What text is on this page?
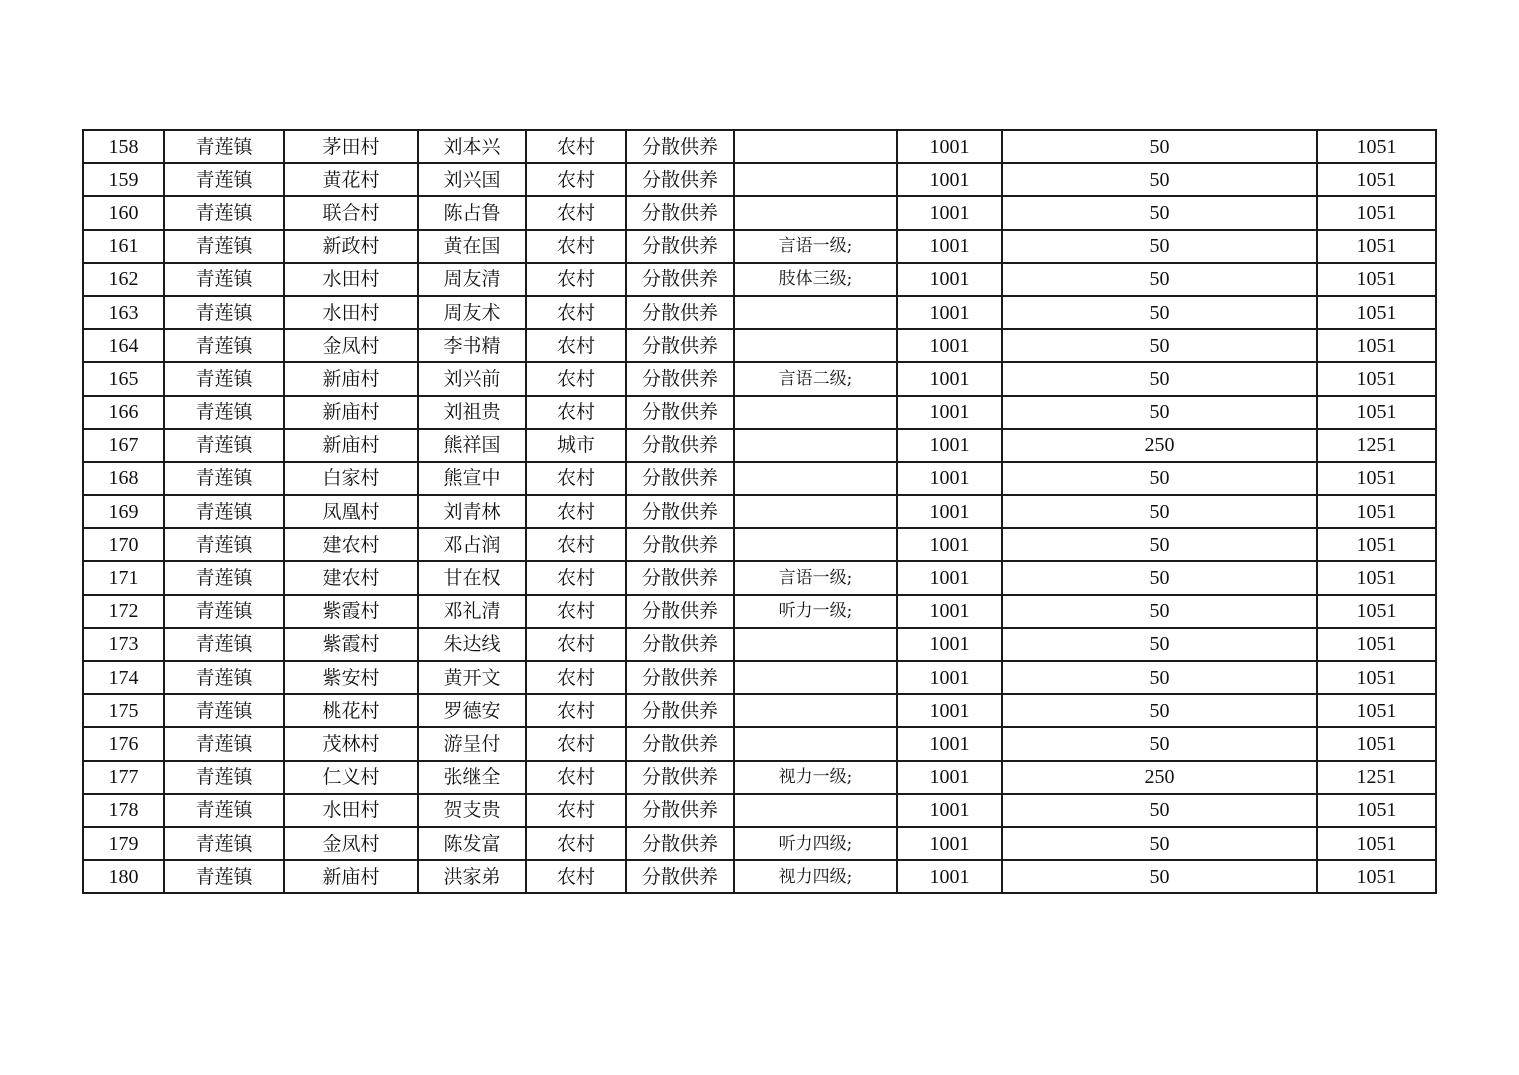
158	青莲镇	茅田村	刘本兴	农村	分散供养		1001	50	1051
159	青莲镇	黄花村	刘兴国	农村	分散供养		1001	50	1051
160	青莲镇	联合村	陈占鲁	农村	分散供养		1001	50	1051
161	青莲镇	新政村	黄在国	农村	分散供养	言语一级;	1001	50	1051
162	青莲镇	水田村	周友清	农村	分散供养	肢体三级;	1001	50	1051
163	青莲镇	水田村	周友术	农村	分散供养		1001	50	1051
164	青莲镇	金凤村	李书精	农村	分散供养		1001	50	1051
165	青莲镇	新庙村	刘兴前	农村	分散供养	言语二级;	1001	50	1051
166	青莲镇	新庙村	刘祖贵	农村	分散供养		1001	50	1051
167	青莲镇	新庙村	熊祥国	城市	分散供养		1001	250	1251
168	青莲镇	白家村	熊宣中	农村	分散供养		1001	50	1051
169	青莲镇	凤凰村	刘青林	农村	分散供养		1001	50	1051
170	青莲镇	建农村	邓占润	农村	分散供养		1001	50	1051
171	青莲镇	建农村	甘在权	农村	分散供养	言语一级;	1001	50	1051
172	青莲镇	紫霞村	邓礼清	农村	分散供养	听力一级;	1001	50	1051
173	青莲镇	紫霞村	朱达线	农村	分散供养		1001	50	1051
174	青莲镇	紫安村	黄开文	农村	分散供养		1001	50	1051
175	青莲镇	桃花村	罗德安	农村	分散供养		1001	50	1051
176	青莲镇	茂林村	游呈付	农村	分散供养		1001	50	1051
177	青莲镇	仁义村	张继全	农村	分散供养	视力一级;	1001	250	1251
178	青莲镇	水田村	贺支贵	农村	分散供养		1001	50	1051
179	青莲镇	金凤村	陈发富	农村	分散供养	听力四级;	1001	50	1051
180	青莲镇	新庙村	洪家弟	农村	分散供养	视力四级;	1001	50	1051
